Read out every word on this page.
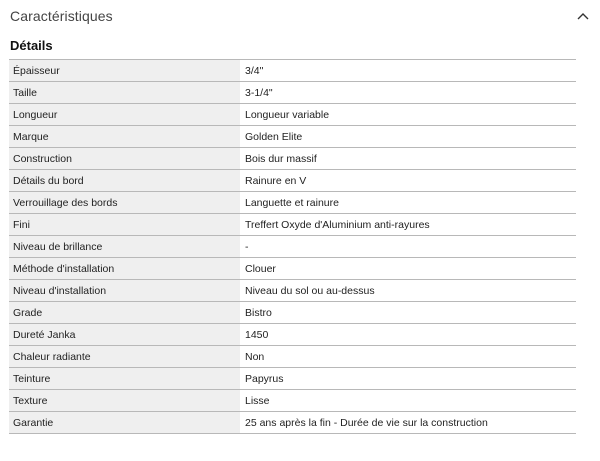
Caractéristiques
Détails
Épaisseur	3/4"
Taille	3-1/4"
Longueur	Longueur variable
Marque	Golden Elite
Construction	Bois dur massif
Détails du bord	Rainure en V
Verrouillage des bords	Languette et rainure
Fini	Treffert Oxyde d'Aluminium anti-rayures
Niveau de brillance	-
Méthode d'installation	Clouer
Niveau d'installation	Niveau du sol ou au-dessus
Grade	Bistro
Dureté Janka	1450
Chaleur radiante	Non
Teinture	Papyrus
Texture	Lisse
Garantie	25 ans après la fin - Durée de vie sur la construction
